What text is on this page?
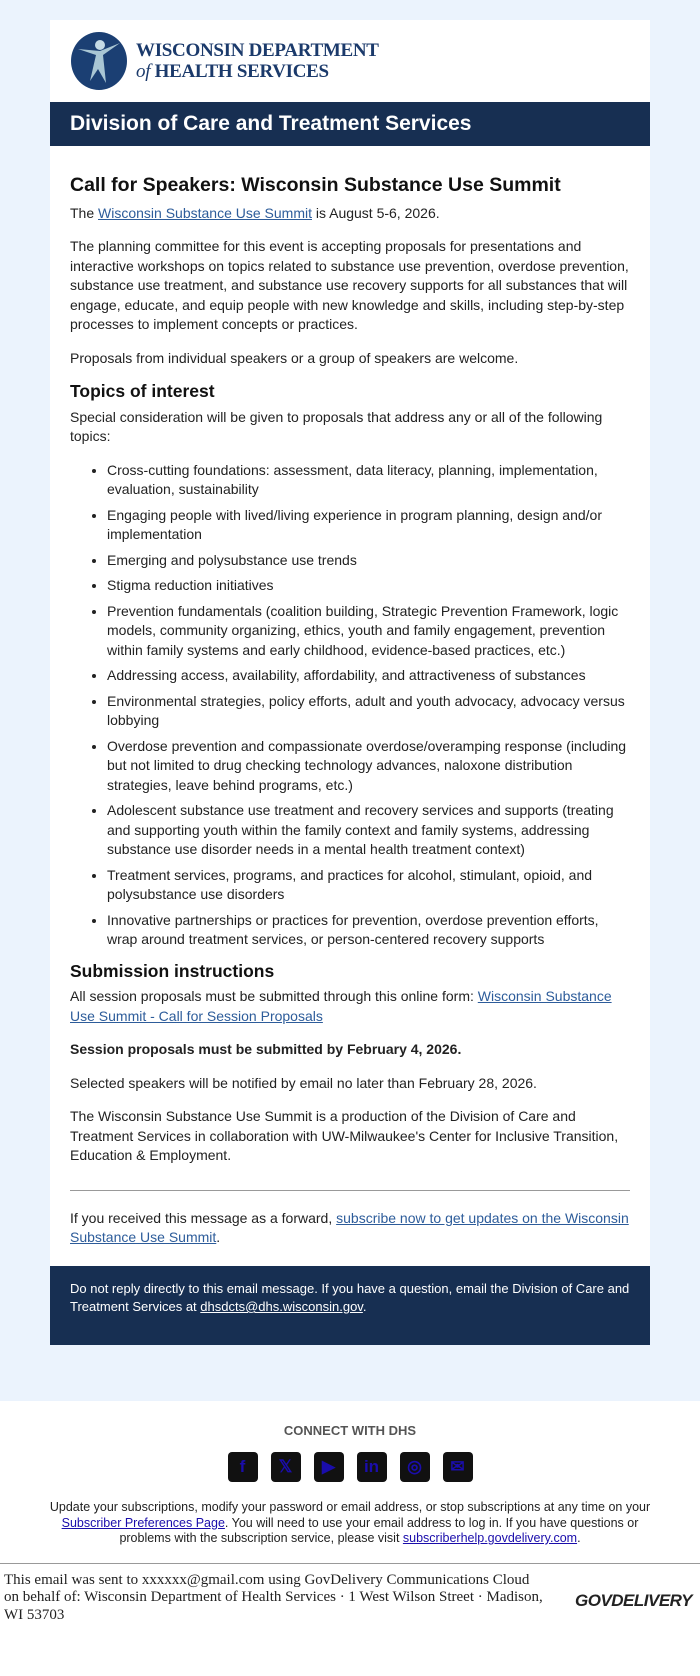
WISCONSIN DEPARTMENT
of HEALTH SERVICES
Division of Care and Treatment Services
Call for Speakers: Wisconsin Substance Use Summit

The Wisconsin Substance Use Summit is August 5-6, 2026.

The planning committee for this event is accepting proposals for presentations and interactive workshops on topics related to substance use prevention, overdose prevention, substance use treatment, and substance use recovery supports for all substances that will engage, educate, and equip people with new knowledge and skills, including step-by-step processes to implement concepts or practices.

Proposals from individual speakers or a group of speakers are welcome.

Topics of interest

Special consideration will be given to proposals that address any or all of the following topics:

• Cross-cutting foundations: assessment, data literacy, planning, implementation, evaluation, sustainability
• Engaging people with lived/living experience in program planning, design and/or implementation
• Emerging and polysubstance use trends
• Stigma reduction initiatives
• Prevention fundamentals (coalition building, Strategic Prevention Framework, logic models, community organizing, ethics, youth and family engagement, prevention within family systems and early childhood, evidence-based practices, etc.)
• Addressing access, availability, affordability, and attractiveness of substances
• Environmental strategies, policy efforts, adult and youth advocacy, advocacy versus lobbying
• Overdose prevention and compassionate overdose/overamping response (including but not limited to drug checking technology advances, naloxone distribution strategies, leave behind programs, etc.)
• Adolescent substance use treatment and recovery services and supports (treating and supporting youth within the family context and family systems, addressing substance use disorder needs in a mental health treatment context)
• Treatment services, programs, and practices for alcohol, stimulant, opioid, and polysubstance use disorders
• Innovative partnerships or practices for prevention, overdose prevention efforts, wrap around treatment services, or person-centered recovery supports
Submission instructions

All session proposals must be submitted through this online form: Wisconsin Substance Use Summit - Call for Session Proposals

Session proposals must be submitted by February 4, 2026.

Selected speakers will be notified by email no later than February 28, 2026.

The Wisconsin Substance Use Summit is a production of the Division of Care and Treatment Services in collaboration with UW-Milwaukee's Center for Inclusive Transition, Education & Employment.

If you received this message as a forward, subscribe now to get updates on the Wisconsin Substance Use Summit.

Do not reply directly to this email message. If you have a question, email the Division of Care and Treatment Services at dhsdcts@dhs.wisconsin.gov.
CONNECT WITH DHS
f	𝕏	▶	in	◎	✉
Update your subscriptions, modify your password or email address, or stop subscriptions at any time on your Subscriber Preferences Page. You will need to use your email address to log in. If you have questions or problems with the subscription service, please visit subscriberhelp.govdelivery.com.
This email was sent to xxxxxx@gmail.com using GovDelivery Communications Cloud
on behalf of: Wisconsin Department of Health Services · 1 West Wilson Street · Madison,
WI 53703
GOVDELIVERY
